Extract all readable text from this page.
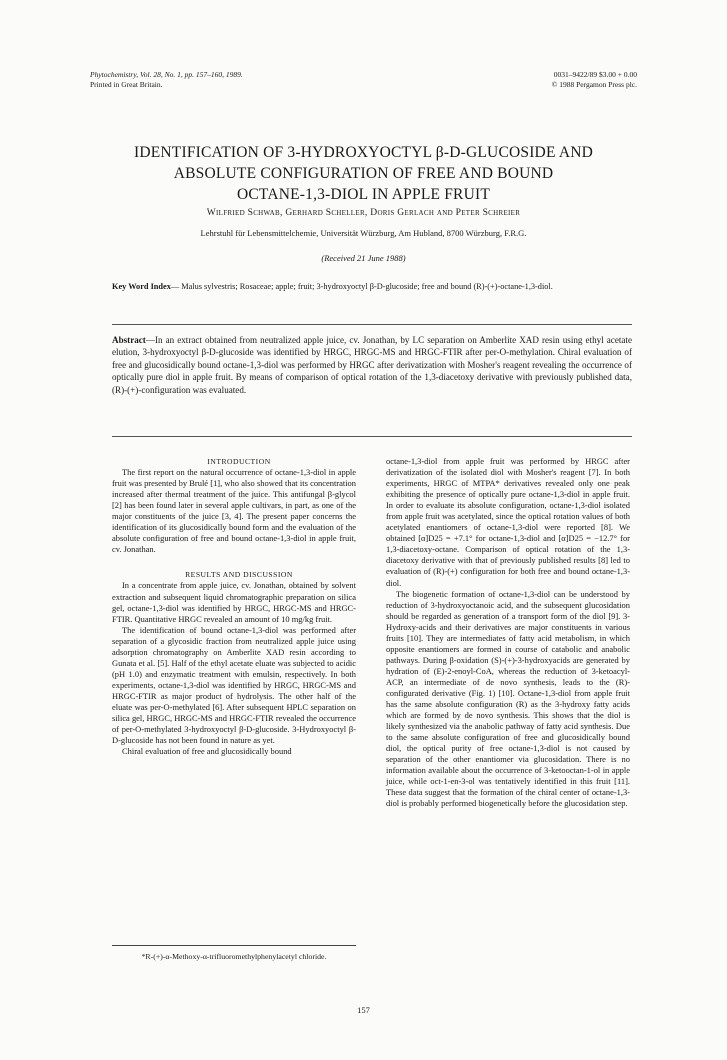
Phytochemistry, Vol. 28, No. 1, pp. 157–160, 1989.
Printed in Great Britain.
0031–9422/89 $3.00 + 0.00
© 1988 Pergamon Press plc.
IDENTIFICATION OF 3-HYDROXYOCTYL β-D-GLUCOSIDE AND
ABSOLUTE CONFIGURATION OF FREE AND BOUND
OCTANE-1,3-DIOL IN APPLE FRUIT
Wilfried Schwab, Gerhard Scheller, Doris Gerlach and Peter Schreier
Lehrstuhl für Lebensmittelchemie, Universität Würzburg, Am Hubland, 8700 Würzburg, F.R.G.
(Received 21 June 1988)
Key Word Index— Malus sylvestris; Rosaceae; apple; fruit; 3-hydroxyoctyl β-D-glucoside; free and bound (R)-(+)-octane-1,3-diol.
Abstract—In an extract obtained from neutralized apple juice, cv. Jonathan, by LC separation on Amberlite XAD resin using ethyl acetate elution, 3-hydroxyoctyl β-D-glucoside was identified by HRGC, HRGC-MS and HRGC-FTIR after per-O-methylation. Chiral evaluation of free and glucosidically bound octane-1,3-diol was performed by HRGC after derivatization with Mosher's reagent revealing the occurrence of optically pure diol in apple fruit. By means of comparison of optical rotation of the 1,3-diacetoxy derivative with previously published data, (R)-(+)-configuration was evaluated.

INTRODUCTION

The first report on the natural occurrence of octane-1,3-diol in apple fruit was presented by Brulé [1], who also showed that its concentration increased after thermal treatment of the juice. This antifungal β-glycol [2] has been found later in several apple cultivars, in part, as one of the major constituents of the juice [3, 4]. The present paper concerns the identification of its glucosidically bound form and the evaluation of the absolute configuration of free and bound octane-1,3-diol in apple fruit, cv. Jonathan.

RESULTS AND DISCUSSION

In a concentrate from apple juice, cv. Jonathan, obtained by solvent extraction and subsequent liquid chromatographic preparation on silica gel, octane-1,3-diol was identified by HRGC, HRGC-MS and HRGC-FTIR. Quantitative HRGC revealed an amount of 10 mg/kg fruit.

The identification of bound octane-1,3-diol was performed after separation of a glycosidic fraction from neutralized apple juice using adsorption chromatography on Amberlite XAD resin according to Gunata et al. [5]. Half of the ethyl acetate eluate was subjected to acidic (pH 1.0) and enzymatic treatment with emulsin, respectively. In both experiments, octane-1,3-diol was identified by HRGC, HRGC-MS and HRGC-FTIR as major product of hydrolysis. The other half of the eluate was per-O-methylated [6]. After subsequent HPLC separation on silica gel, HRGC, HRGC-MS and HRGC-FTIR revealed the occurrence of per-O-methylated 3-hydroxyoctyl β-D-glucoside. 3-Hydroxyoctyl β-D-glucoside has not been found in nature as yet.

Chiral evaluation of free and glucosidically bound

octane-1,3-diol from apple fruit was performed by HRGC after derivatization of the isolated diol with Mosher's reagent [7]. In both experiments, HRGC of MTPA* derivatives revealed only one peak exhibiting the presence of optically pure octane-1,3-diol in apple fruit. In order to evaluate its absolute configuration, octane-1,3-diol isolated from apple fruit was acetylated, since the optical rotation values of both acetylated enantiomers of octane-1,3-diol were reported [8]. We obtained [α]D25 = +7.1° for octane-1,3-diol and [α]D25 = −12.7° for 1,3-diacetoxy-octane. Comparison of optical rotation of the 1,3-diacetoxy derivative with that of previously published results [8] led to evaluation of (R)-(+) configuration for both free and bound octane-1,3-diol.

The biogenetic formation of octane-1,3-diol can be understood by reduction of 3-hydroxyoctanoic acid, and the subsequent glucosidation should be regarded as generation of a transport form of the diol [9]. 3-Hydroxy-acids and their derivatives are major constituents in various fruits [10]. They are intermediates of fatty acid metabolism, in which opposite enantiomers are formed in course of catabolic and anabolic pathways. During β-oxidation (S)-(+)-3-hydroxyacids are generated by hydration of (E)-2-enoyl-CoA, whereas the reduction of 3-ketoacyl-ACP, an intermediate of de novo synthesis, leads to the (R)-configurated derivative (Fig. 1) [10]. Octane-1,3-diol from apple fruit has the same absolute configuration (R) as the 3-hydroxy fatty acids which are formed by de novo synthesis. This shows that the diol is likely synthesized via the anabolic pathway of fatty acid synthesis. Due to the same absolute configuration of free and glucosidically bound diol, the optical purity of free octane-1,3-diol is not caused by separation of the other enantiomer via glucosidation. There is no information available about the occurrence of 3-ketooctan-1-ol in apple juice, while oct-1-en-3-ol was tentatively identified in this fruit [11]. These data suggest that the formation of the chiral center of octane-1,3-diol is probably performed biogenetically before the glucosidation step.

*R-(+)-α-Methoxy-α-trifluoromethylphenylacetyl chloride.
157
